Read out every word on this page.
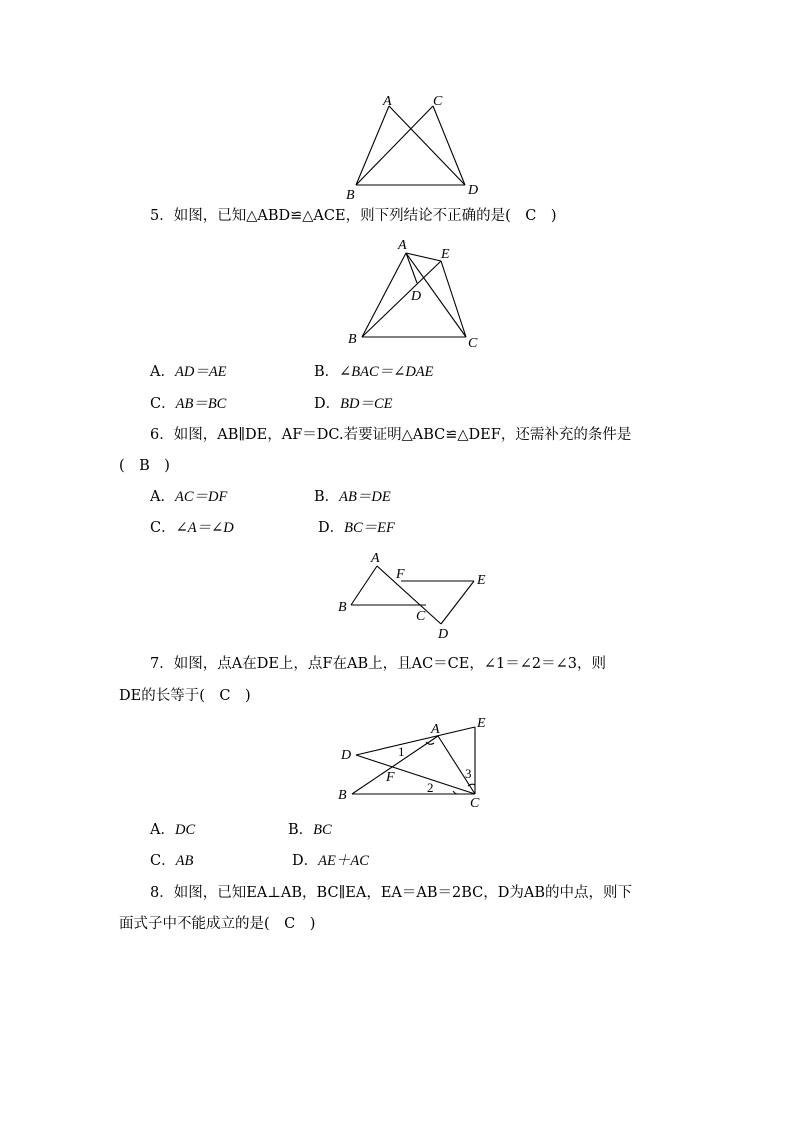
A	C
B	D
5．如图，已知△ABD≌△ACE，则下列结论不正确的是(　C　)
A
E
D
B	C
A．AD＝AE	B．∠BAC＝∠DAE
C．AB＝BC	D．BD＝CE
6．如图，AB∥DE，AF＝DC.若要证明△ABC≌△DEF，还需补充的条件是
(　B　)
A．AC＝DF	B．AB＝DE
C．∠A＝∠D	D．BC＝EF
A
F	E
B
C
D
7．如图，点A在DE上，点F在AB上，且AC＝CE，∠1＝∠2＝∠3，则
DE的长等于(　C　)
A	E
D
B
C
F
1
2
3
A．DC	B．BC
C．AB	D．AE＋AC
8．如图，已知EA⊥AB，BC∥EA，EA＝AB＝2BC，D为AB的中点，则下
面式子中不能成立的是(　C　)
